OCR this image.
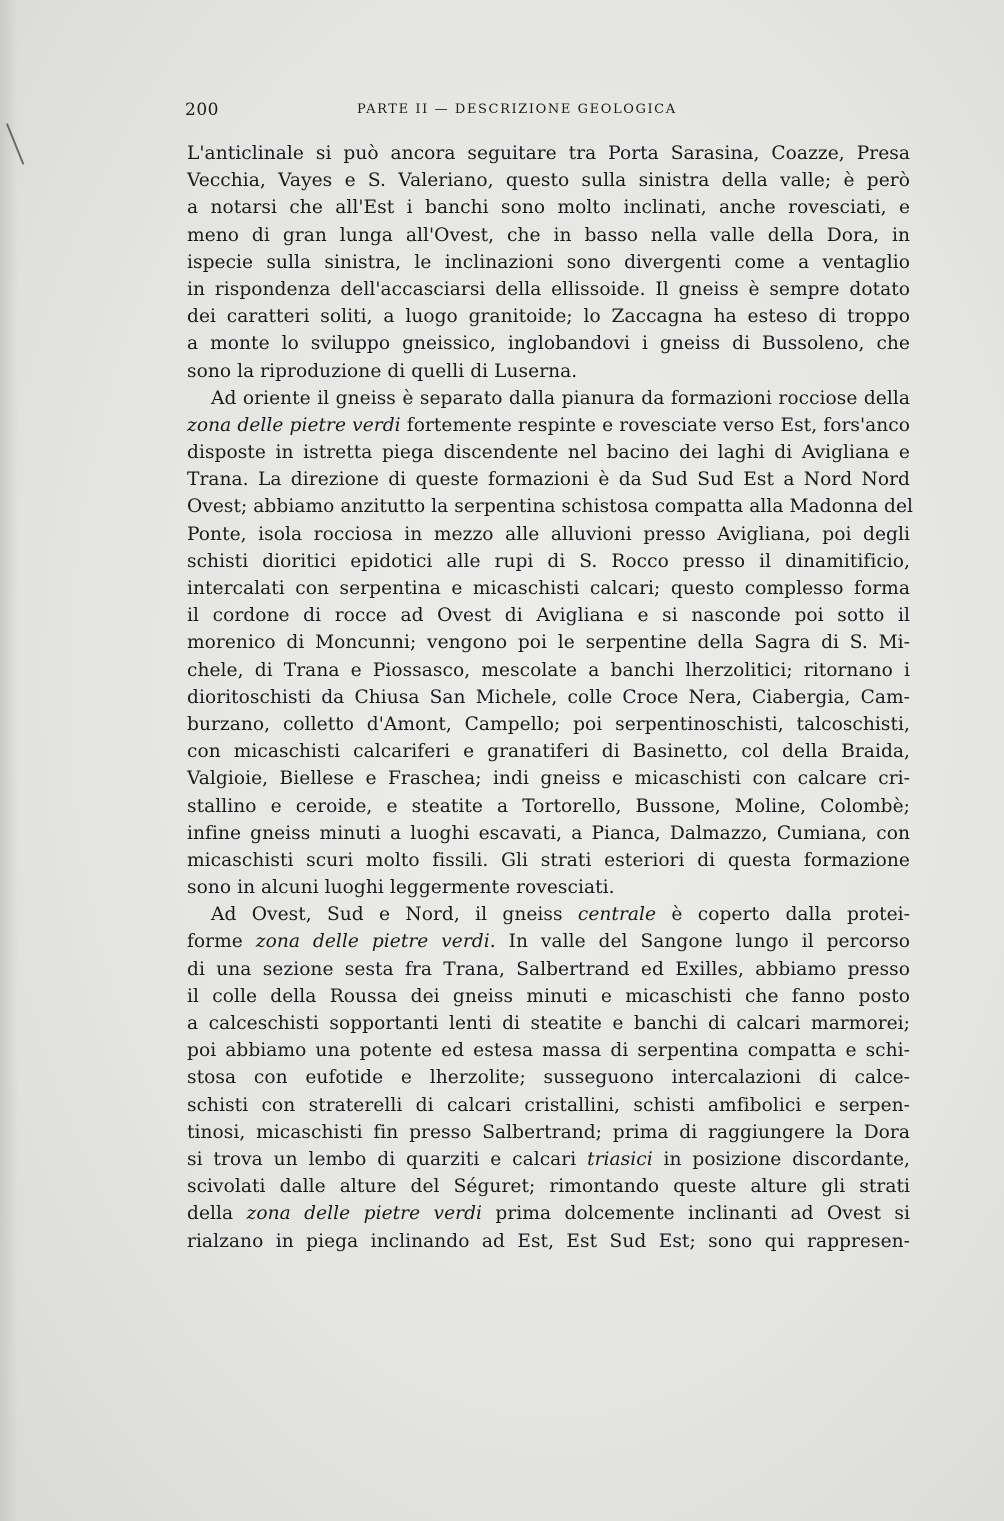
200	PARTE II — DESCRIZIONE GEOLOGICA
L'anticlinale si può ancora seguitare tra Porta Sarasina, Coazze, Presa
Vecchia, Vayes e S. Valeriano, questo sulla sinistra della valle; è però
a notarsi che all'Est i banchi sono molto inclinati, anche rovesciati, e
meno di gran lunga all'Ovest, che in basso nella valle della Dora, in
ispecie sulla sinistra, le inclinazioni sono divergenti come a ventaglio
in rispondenza dell'accasciarsi della ellissoide. Il gneiss è sempre dotato
dei caratteri soliti, a luogo granitoide; lo Zaccagna ha esteso di troppo
a monte lo sviluppo gneissico, inglobandovi i gneiss di Bussoleno, che
sono la riproduzione di quelli di Luserna.
Ad oriente il gneiss è separato dalla pianura da formazioni rocciose della
zona delle pietre verdi fortemente respinte e rovesciate verso Est, fors'anco
disposte in istretta piega discendente nel bacino dei laghi di Avigliana e
Trana. La direzione di queste formazioni è da Sud Sud Est a Nord Nord
Ovest; abbiamo anzitutto la serpentina schistosa compatta alla Madonna del
Ponte, isola rocciosa in mezzo alle alluvioni presso Avigliana, poi degli
schisti dioritici epidotici alle rupi di S. Rocco presso il dinamitificio,
intercalati con serpentina e micaschisti calcari; questo complesso forma
il cordone di rocce ad Ovest di Avigliana e si nasconde poi sotto il
morenico di Moncunni; vengono poi le serpentine della Sagra di S. Mi-
chele, di Trana e Piossasco, mescolate a banchi lherzolitici; ritornano i
dioritoschisti da Chiusa San Michele, colle Croce Nera, Ciabergia, Cam-
burzano, colletto d'Amont, Campello; poi serpentinoschisti, talcoschisti,
con micaschisti calcariferi e granatiferi di Basinetto, col della Braida,
Valgioie, Biellese e Fraschea; indi gneiss e micaschisti con calcare cri-
stallino e ceroide, e steatite a Tortorello, Bussone, Moline, Colombè;
infine gneiss minuti a luoghi escavati, a Pianca, Dalmazzo, Cumiana, con
micaschisti scuri molto fissili. Gli strati esteriori di questa formazione
sono in alcuni luoghi leggermente rovesciati.
Ad Ovest, Sud e Nord, il gneiss centrale è coperto dalla protei-
forme zona delle pietre verdi. In valle del Sangone lungo il percorso
di una sezione sesta fra Trana, Salbertrand ed Exilles, abbiamo presso
il colle della Roussa dei gneiss minuti e micaschisti che fanno posto
a calceschisti sopportanti lenti di steatite e banchi di calcari marmorei;
poi abbiamo una potente ed estesa massa di serpentina compatta e schi-
stosa con eufotide e lherzolite; susseguono intercalazioni di calce-
schisti con straterelli di calcari cristallini, schisti amfibolici e serpen-
tinosi, micaschisti fin presso Salbertrand; prima di raggiungere la Dora
si trova un lembo di quarziti e calcari triasici in posizione discordante,
scivolati dalle alture del Séguret; rimontando queste alture gli strati
della zona delle pietre verdi prima dolcemente inclinanti ad Ovest si
rialzano in piega inclinando ad Est, Est Sud Est; sono qui rappresen-
